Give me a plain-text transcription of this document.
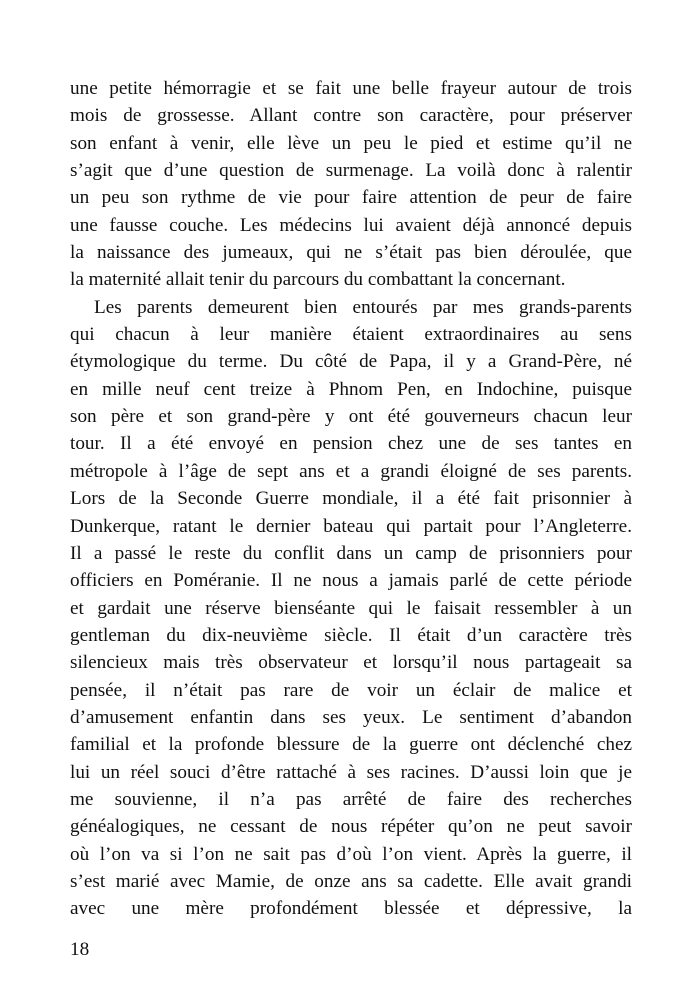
une petite hémorragie et se fait une belle frayeur autour de trois
mois de grossesse. Allant contre son caractère, pour préserver
son enfant à venir, elle lève un peu le pied et estime qu’il ne
s’agit que d’une question de surmenage. La voilà donc à ralentir
un peu son rythme de vie pour faire attention de peur de faire
une fausse couche. Les médecins lui avaient déjà annoncé depuis
la naissance des jumeaux, qui ne s’était pas bien déroulée, que
la maternité allait tenir du parcours du combattant la concernant.
Les parents demeurent bien entourés par mes grands-parents
qui chacun à leur manière étaient extraordinaires au sens
étymologique du terme. Du côté de Papa, il y a Grand-Père, né
en mille neuf cent treize à Phnom Pen, en Indochine, puisque
son père et son grand-père y ont été gouverneurs chacun leur
tour. Il a été envoyé en pension chez une de ses tantes en
métropole à l’âge de sept ans et a grandi éloigné de ses parents.
Lors de la Seconde Guerre mondiale, il a été fait prisonnier à
Dunkerque, ratant le dernier bateau qui partait pour l’Angleterre.
Il a passé le reste du conflit dans un camp de prisonniers pour
officiers en Poméranie. Il ne nous a jamais parlé de cette période
et gardait une réserve bienséante qui le faisait ressembler à un
gentleman du dix-neuvième siècle. Il était d’un caractère très
silencieux mais très observateur et lorsqu’il nous partageait sa
pensée, il n’était pas rare de voir un éclair de malice et
d’amusement enfantin dans ses yeux. Le sentiment d’abandon
familial et la profonde blessure de la guerre ont déclenché chez
lui un réel souci d’être rattaché à ses racines. D’aussi loin que je
me souvienne, il n’a pas arrêté de faire des recherches
généalogiques, ne cessant de nous répéter qu’on ne peut savoir
où l’on va si l’on ne sait pas d’où l’on vient. Après la guerre, il
s’est marié avec Mamie, de onze ans sa cadette. Elle avait grandi
avec une mère profondément blessée et dépressive, la
18
